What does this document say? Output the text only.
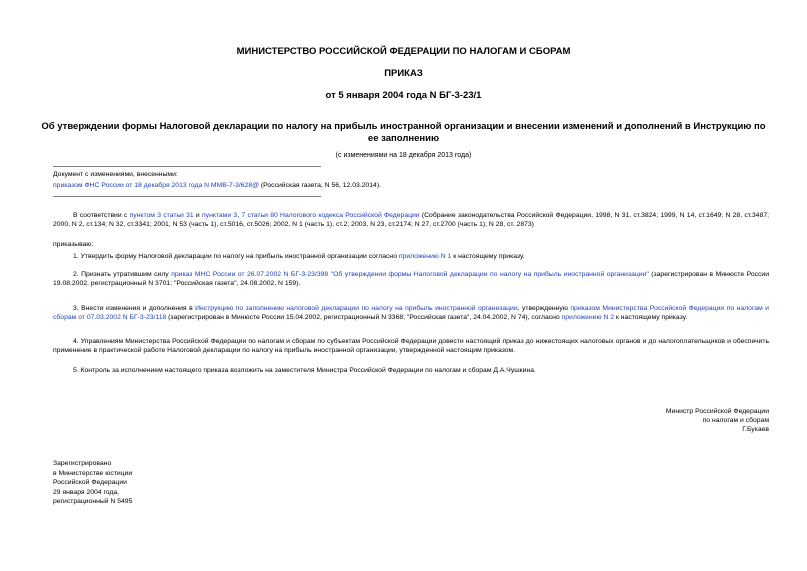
МИНИСТЕРСТВО РОССИЙСКОЙ ФЕДЕРАЦИИ ПО НАЛОГАМ И СБОРАМ
ПРИКАЗ
от 5 января 2004 года N БГ-3-23/1
Об утверждении формы Налоговой декларации по налогу на прибыль иностранной организации и внесении изменений и дополнений в Инструкцию по ее заполнению
(с изменениями на 18 декабря 2013 года)
Документ с изменениями, внесенными:
приказом ФНС России от 18 декабря 2013 года N ММВ-7-3/628@ (Российская газета, N 56, 12.03.2014).
В соответствии с пунктом 3 статьи 31 и пунктами 3, 7 статьи 80 Налогового кодекса Российской Федерации (Собрание законодательства Российской Федерации, 1998, N 31, ст.3824; 1999, N 14, ст.1649; N 28, ст.3487; 2000, N 2, ст.134; N 32, ст.3341; 2001, N 53 (часть 1), ст.5016, ст.5026; 2002, N 1 (часть 1), ст.2; 2003, N 23, ст.2174; N 27, ст.2700 (часть 1); N 28, ст. 2873)
приказываю:
1. Утвердить форму Налоговой декларации по налогу на прибыль иностранной организации согласно приложению N 1 к настоящему приказу.
2. Признать утратившим силу приказ МНС России от 26.07.2002 N БГ-3-23/398 "Об утверждении формы Налоговой декларации по налогу на прибыль иностранной организации" (зарегистрирован в Минюсте России 19.08.2002, регистрационный N 3701; "Российская газета", 24.08.2002, N 159).
3. Внести изменения и дополнения в Инструкцию по заполнению налоговой декларации по налогу на прибыль иностранной организации, утвержденную приказом Министерства Российской Федерации по налогам и сборам от 07.03.2002 N БГ-3-23/118 (зарегистрирован в Минюсте России 15.04.2002, регистрационный N 3368; "Российская газета", 24.04.2002, N 74), согласно приложению N 2 к настоящему приказу.
4. Управлениям Министерства Российской Федерации по налогам и сборам по субъектам Российской Федерации довести настоящий приказ до нижестоящих налоговых органов и до налогоплательщиков и обеспечить применение в практической работе Налоговой декларации по налогу на прибыль иностранной организации, утвержденной настоящим приказом.
5. Контроль за исполнением настоящего приказа возложить на заместителя Министра Российской Федерации по налогам и сборам Д.А.Чушкина.
Министр Российской Федерации
по налогам и сборам
Г.Букаев
Зарегистрировано
в Министерстве юстиции
Российской Федерации
29 января 2004 года,
регистрационный N 5495
